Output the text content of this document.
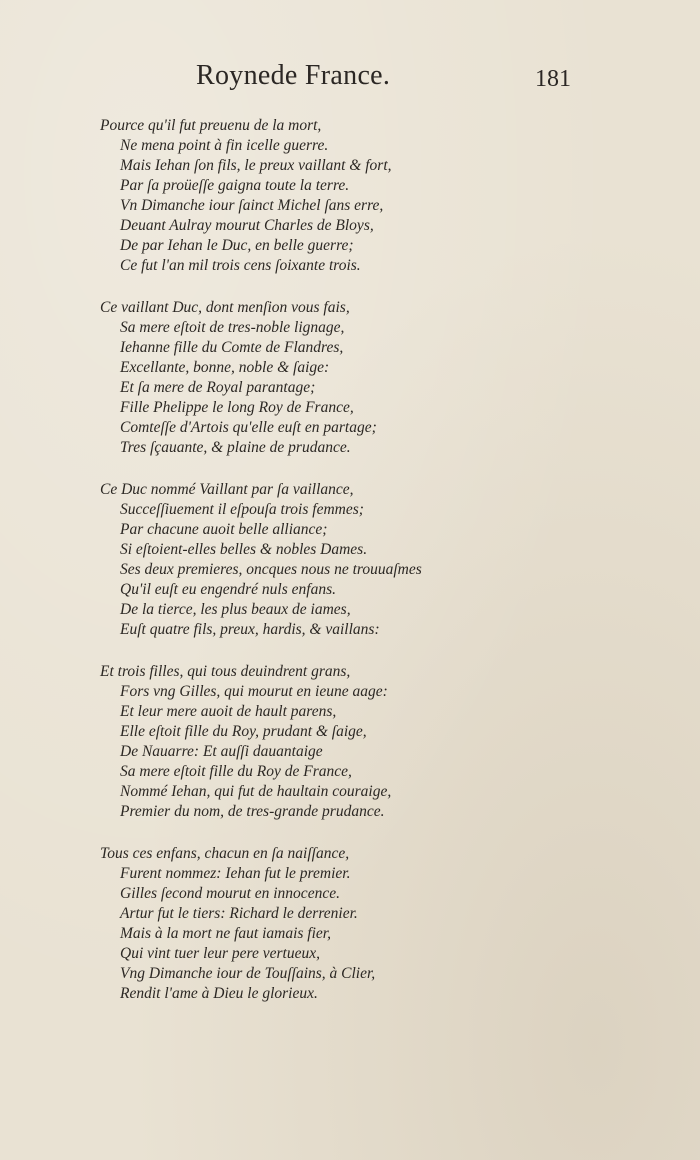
Roynede France.	181
Pource qu'il fut preuenu de la mort,
Ne mena point à fin icelle guerre.
Mais Iehan ſon fils, le preux vaillant & fort,
Par ſa proüeſſe gaigna toute la terre.
Vn Dimanche iour ſainct Michel ſans erre,
Deuant Aulray mourut Charles de Bloys,
De par Iehan le Duc, en belle guerre;
Ce fut l'an mil trois cens ſoixante trois.
Ce vaillant Duc, dont menſion vous fais,
Sa mere eſtoit de tres-noble lignage,
Iehanne fille du Comte de Flandres,
Excellante, bonne, noble & ſaige:
Et ſa mere de Royal parantage;
Fille Phelippe le long Roy de France,
Comteſſe d'Artois qu'elle euſt en partage;
Tres ſçauante, & plaine de prudance.
Ce Duc nommé Vaillant par ſa vaillance,
Succeſſiuement il eſpouſa trois femmes;
Par chacune auoit belle alliance;
Si eſtoient-elles belles & nobles Dames.
Ses deux premieres, oncques nous ne trouuaſmes
Qu'il euſt eu engendré nuls enfans.
De la tierce, les plus beaux de iames,
Euſt quatre fils, preux, hardis, & vaillans:
Et trois filles, qui tous deuindrent grans,
Fors vng Gilles, qui mourut en ieune aage:
Et leur mere auoit de hault parens,
Elle eſtoit fille du Roy, prudant & ſaige,
De Nauarre: Et auſſi dauantaige
Sa mere eſtoit fille du Roy de France,
Nommé Iehan, qui fut de haultain couraige,
Premier du nom, de tres-grande prudance.
Tous ces enfans, chacun en ſa naiſſance,
Furent nommez: Iehan fut le premier.
Gilles ſecond mourut en innocence.
Artur fut le tiers: Richard le derrenier.
Mais à la mort ne faut iamais fier,
Qui vint tuer leur pere vertueux,
Vng Dimanche iour de Touſſains, à Clier,
Rendit l'ame à Dieu le glorieux.
